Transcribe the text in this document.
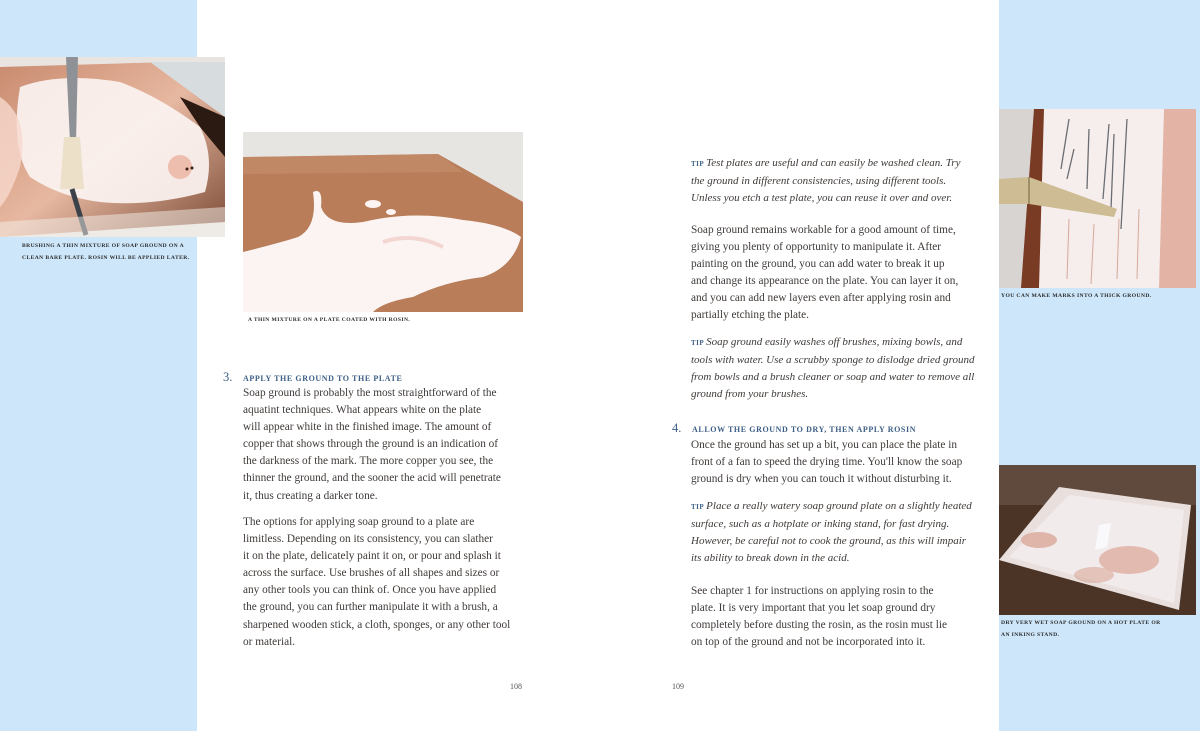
BRUSHING A THIN MIXTURE OF SOAP GROUND ON A
CLEAN BARE PLATE. ROSIN WILL BE APPLIED LATER.
A THIN MIXTURE ON A PLATE COATED WITH ROSIN.
3.	APPLY THE GROUND TO THE PLATE
Soap ground is probably the most straightforward of the
aquatint techniques. What appears white on the plate
will appear white in the finished image. The amount of
copper that shows through the ground is an indication of
the darkness of the mark. The more copper you see, the
thinner the ground, and the sooner the acid will penetrate
it, thus creating a darker tone.
The options for applying soap ground to a plate are
limitless. Depending on its consistency, you can slather
it on the plate, delicately paint it on, or pour and splash it
across the surface. Use brushes of all shapes and sizes or
any other tools you can think of. Once you have applied
the ground, you can further manipulate it with a brush, a
sharpened wooden stick, a cloth, sponges, or any other tool
or material.
TIP Test plates are useful and can easily be washed clean. Try
the ground in different consistencies, using different tools.
Unless you etch a test plate, you can reuse it over and over.
Soap ground remains workable for a good amount of time,
giving you plenty of opportunity to manipulate it. After
painting on the ground, you can add water to break it up
and change its appearance on the plate. You can layer it on,
and you can add new layers even after applying rosin and
partially etching the plate.
TIP Soap ground easily washes off brushes, mixing bowls, and
tools with water. Use a scrubby sponge to dislodge dried ground
from bowls and a brush cleaner or soap and water to remove all
ground from your brushes.
4.	ALLOW THE GROUND TO DRY, THEN APPLY ROSIN
Once the ground has set up a bit, you can place the plate in
front of a fan to speed the drying time. You'll know the soap
ground is dry when you can touch it without disturbing it.
TIP Place a really watery soap ground plate on a slightly heated
surface, such as a hotplate or inking stand, for fast drying.
However, be careful not to cook the ground, as this will impair
its ability to break down in the acid.
See chapter 1 for instructions on applying rosin to the
plate. It is very important that you let soap ground dry
completely before dusting the rosin, as the rosin must lie
on top of the ground and not be incorporated into it.
YOU CAN MAKE MARKS INTO A THICK GROUND.
DRY VERY WET SOAP GROUND ON A HOT PLATE OR
AN INKING STAND.
108	109
